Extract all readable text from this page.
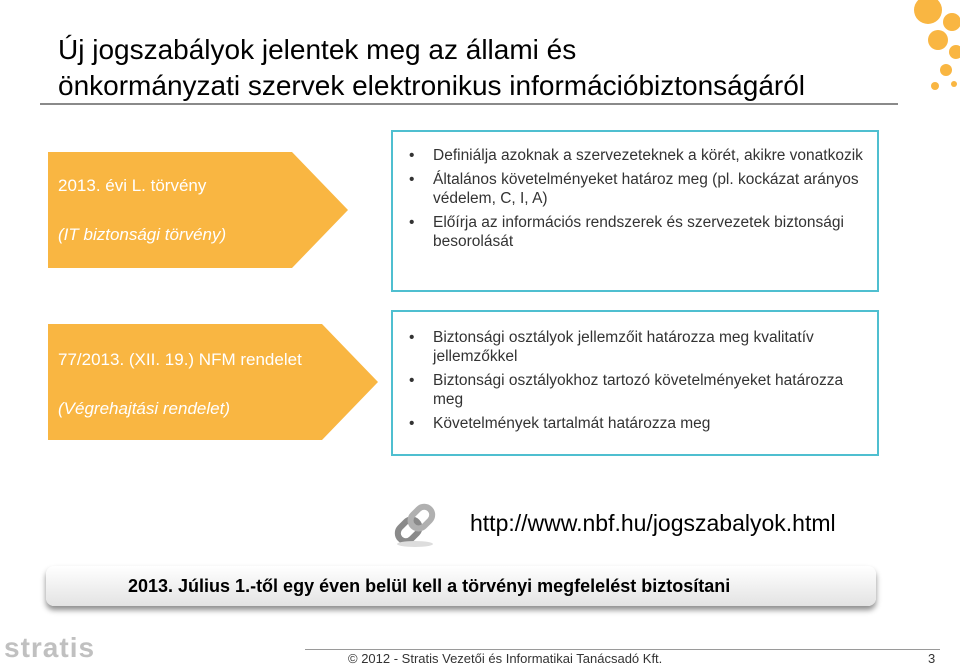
Új jogszabályok jelentek meg az állami és
önkormányzati szervek elektronikus információbiztonságáról
2013. évi L. törvény
(IT biztonsági törvény)
• Definiálja azoknak a szervezeteknek a körét, akikre vonatkozik
• Általános követelményeket határoz meg (pl. kockázat arányos védelem, C, I, A)
• Előírja az információs rendszerek és szervezetek biztonsági besorolását
77/2013. (XII. 19.) NFM rendelet
(Végrehajtási rendelet)
• Biztonsági osztályok jellemzőit határozza meg kvalitatív jellemzőkkel
• Biztonsági osztályokhoz tartozó követelményeket határozza meg
• Követelmények tartalmát határozza meg
http://www.nbf.hu/jogszabalyok.html
2013. Július 1.-től egy éven belül kell a törvényi megfelelést biztosítani
stratis	© 2012 - Stratis Vezetői és Informatikai Tanácsadó Kft.	3
